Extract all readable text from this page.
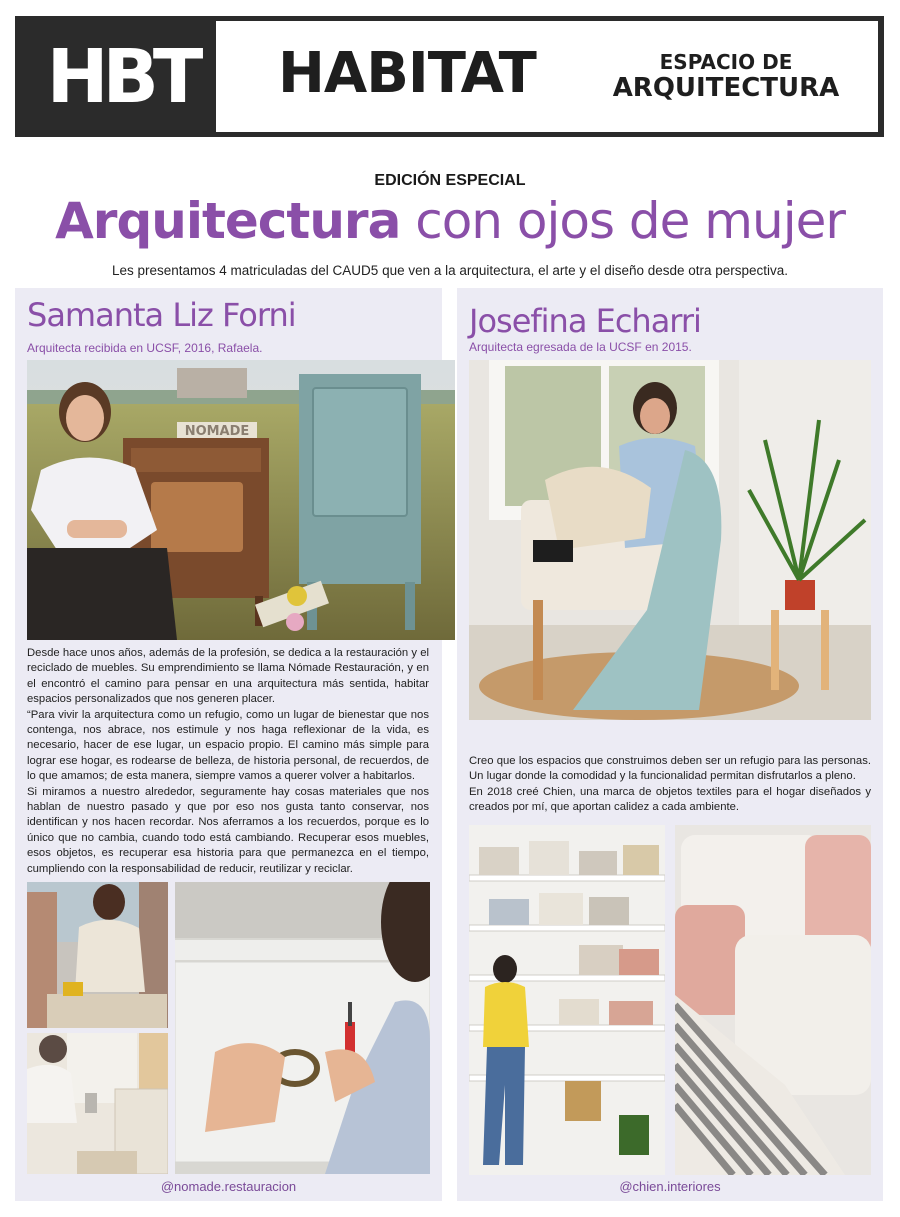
HBT HABITAT	ESPACIO DE
ARQUITECTURA
EDICIÓN ESPECIAL
Arquitectura con ojos de mujer
Les presentamos 4 matriculadas del CAUD5 que ven a la arquitectura, el arte y el diseño desde otra perspectiva.
Samanta Liz Forni
Arquitecta recibida en UCSF, 2016, Rafaela.
NOMADE

Desde hace unos años, además de la profesión, se dedica a la restauración y el reciclado de muebles. Su emprendimiento se llama Nómade Restauración, y en el encontró el camino para pensar en una arquitectura más sentida, habitar espacios personalizados que nos generen placer.

“Para vivir la arquitectura como un refugio, como un lugar de bienestar que nos contenga, nos abrace, nos estimule y nos haga reflexionar de la vida, es necesario, hacer de ese lugar, un espacio propio. El camino más simple para lograr ese hogar, es rodearse de belleza, de historia personal, de recuerdos, de lo que amamos; de esta manera, siempre vamos a querer volver a habitarlos.

Si miramos a nuestro alrededor, seguramente hay cosas materiales que nos hablan de nuestro pasado y que por eso nos gusta tanto conservar, nos identifican y nos hacen recordar. Nos aferramos a los recuerdos, porque es lo único que no cambia, cuando todo está cambiando. Recuperar esos muebles, esos objetos, es recuperar esa historia para que permanezca en el tiempo, cumpliendo con la responsabilidad de reducir, reutilizar y reciclar.

@nomade.restauracion
Josefina Echarri
Arquitecta egresada de la UCSF en 2015.

Creo que los espacios que construimos deben ser un refugio para las personas. Un lugar donde la comodidad y la funcionalidad permitan disfrutarlos a pleno.

En 2018 creé Chien, una marca de objetos textiles para el hogar diseñados y creados por mí, que aportan calidez a cada ambiente.

@chien.interiores
